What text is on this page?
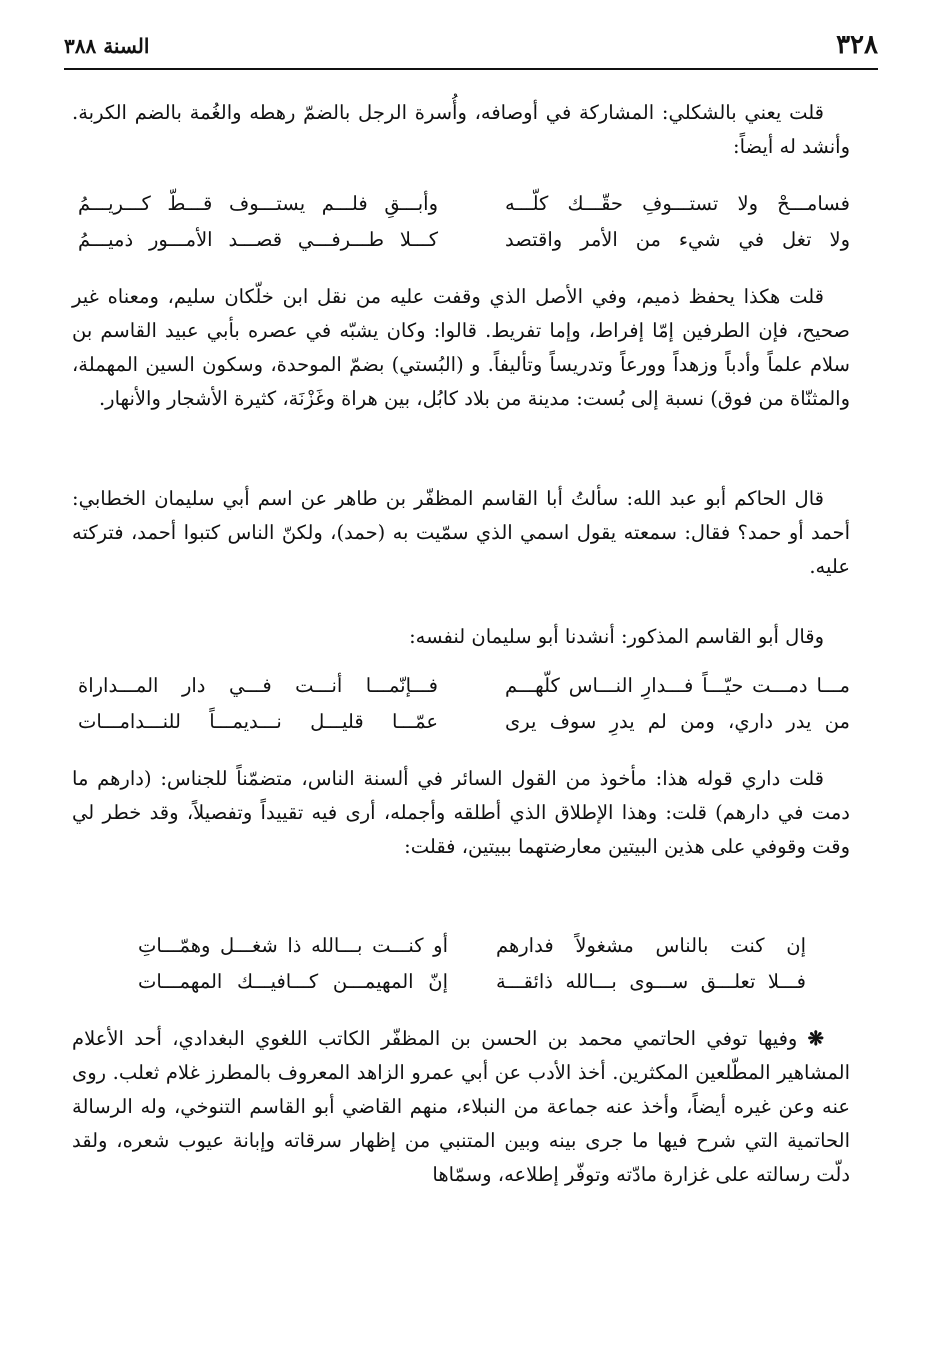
٣٢٨
السنة ٣٨٨
قلت يعني بالشكلي: المشاركة في أوصافه، وأُسرة الرجل بالضمّ رهطه والغُمة بالضم الكربة. وأنشد له أيضاً:
فسامـــحْ ولا تستـــوفِ حقّـــك كلّـــه
وأبـــقِ فلـــم يستـــوف قـــطّ كـــريـــمُ
ولا تغل في شيء من الأمر واقتصد
كـــلا طـــرفـــي قصـــد الأمـــور ذميـــمُ
قلت هكذا يحفظ ذميم، وفي الأصل الذي وقفت عليه من نقل ابن خلّكان سليم، ومعناه غير صحيح، فإن الطرفين إمّا إفراط، وإما تفريط. قالوا: وكان يشبّه في عصره بأبي عبيد القاسم بن سلام علماً وأدباً وزهداً وورعاً وتدريساً وتأليفاً. و (البُستي) بضمّ الموحدة، وسكون السين المهملة، والمثنّاة من فوق) نسبة إلى بُست: مدينة من بلاد كابُل، بين هراة وغَزْنَة، كثيرة الأشجار والأنهار.
قال الحاكم أبو عبد الله: سألتُ أبا القاسم المظفّر بن طاهر عن اسم أبي سليمان الخطابي: أحمد أو حمد؟ فقال: سمعته يقول اسمي الذي سمّيت به (حمد)، ولكنّ الناس كتبوا أحمد، فتركته عليه.
وقال أبو القاسم المذكور: أنشدنا أبو سليمان لنفسه:
مـــا دمـــت حيّـــاً فـــدارِ النـــاس كلّهـــم
فـــإنّمـــا أنـــت فـــي دار المـــداراة
من يدر داري، ومن لم يدرِ سوف يرى
عمّـــا قليـــل نـــديمـــاً للنـــدامـــات
قلت داري قوله هذا: مأخوذ من القول السائر في ألسنة الناس، متضمّناً للجناس: (دارهم ما دمت في دارهم) قلت: وهذا الإطلاق الذي أطلقه وأجمله، أرى فيه تقييداً وتفصيلاً، وقد خطر لي وقت وقوفي على هذين البيتين معارضتهما ببيتين، فقلت:
إن كنت بالناس مشغولاً فدارهم
أو كنـــت بـــالله ذا شغـــل وهمّـــاتِ
فـــلا تعلـــق ســـوى بـــالله ذائقـــة
إنّ المهيمـــن كـــافيـــك المهمـــات
❋ وفيها توفي الحاتمي محمد بن الحسن بن المظفّر الكاتب اللغوي البغدادي، أحد الأعلام المشاهير المطّلعين المكثرين. أخذ الأدب عن أبي عمرو الزاهد المعروف بالمطرز غلام ثعلب. روى عنه وعن غيره أيضاً، وأخذ عنه جماعة من النبلاء، منهم القاضي أبو القاسم التنوخي، وله الرسالة الحاتمية التي شرح فيها ما جرى بينه وبين المتنبي من إظهار سرقاته وإبانة عيوب شعره، ولقد دلّت رسالته على غزارة مادّته وتوفّر إطلاعه، وسمّاها
